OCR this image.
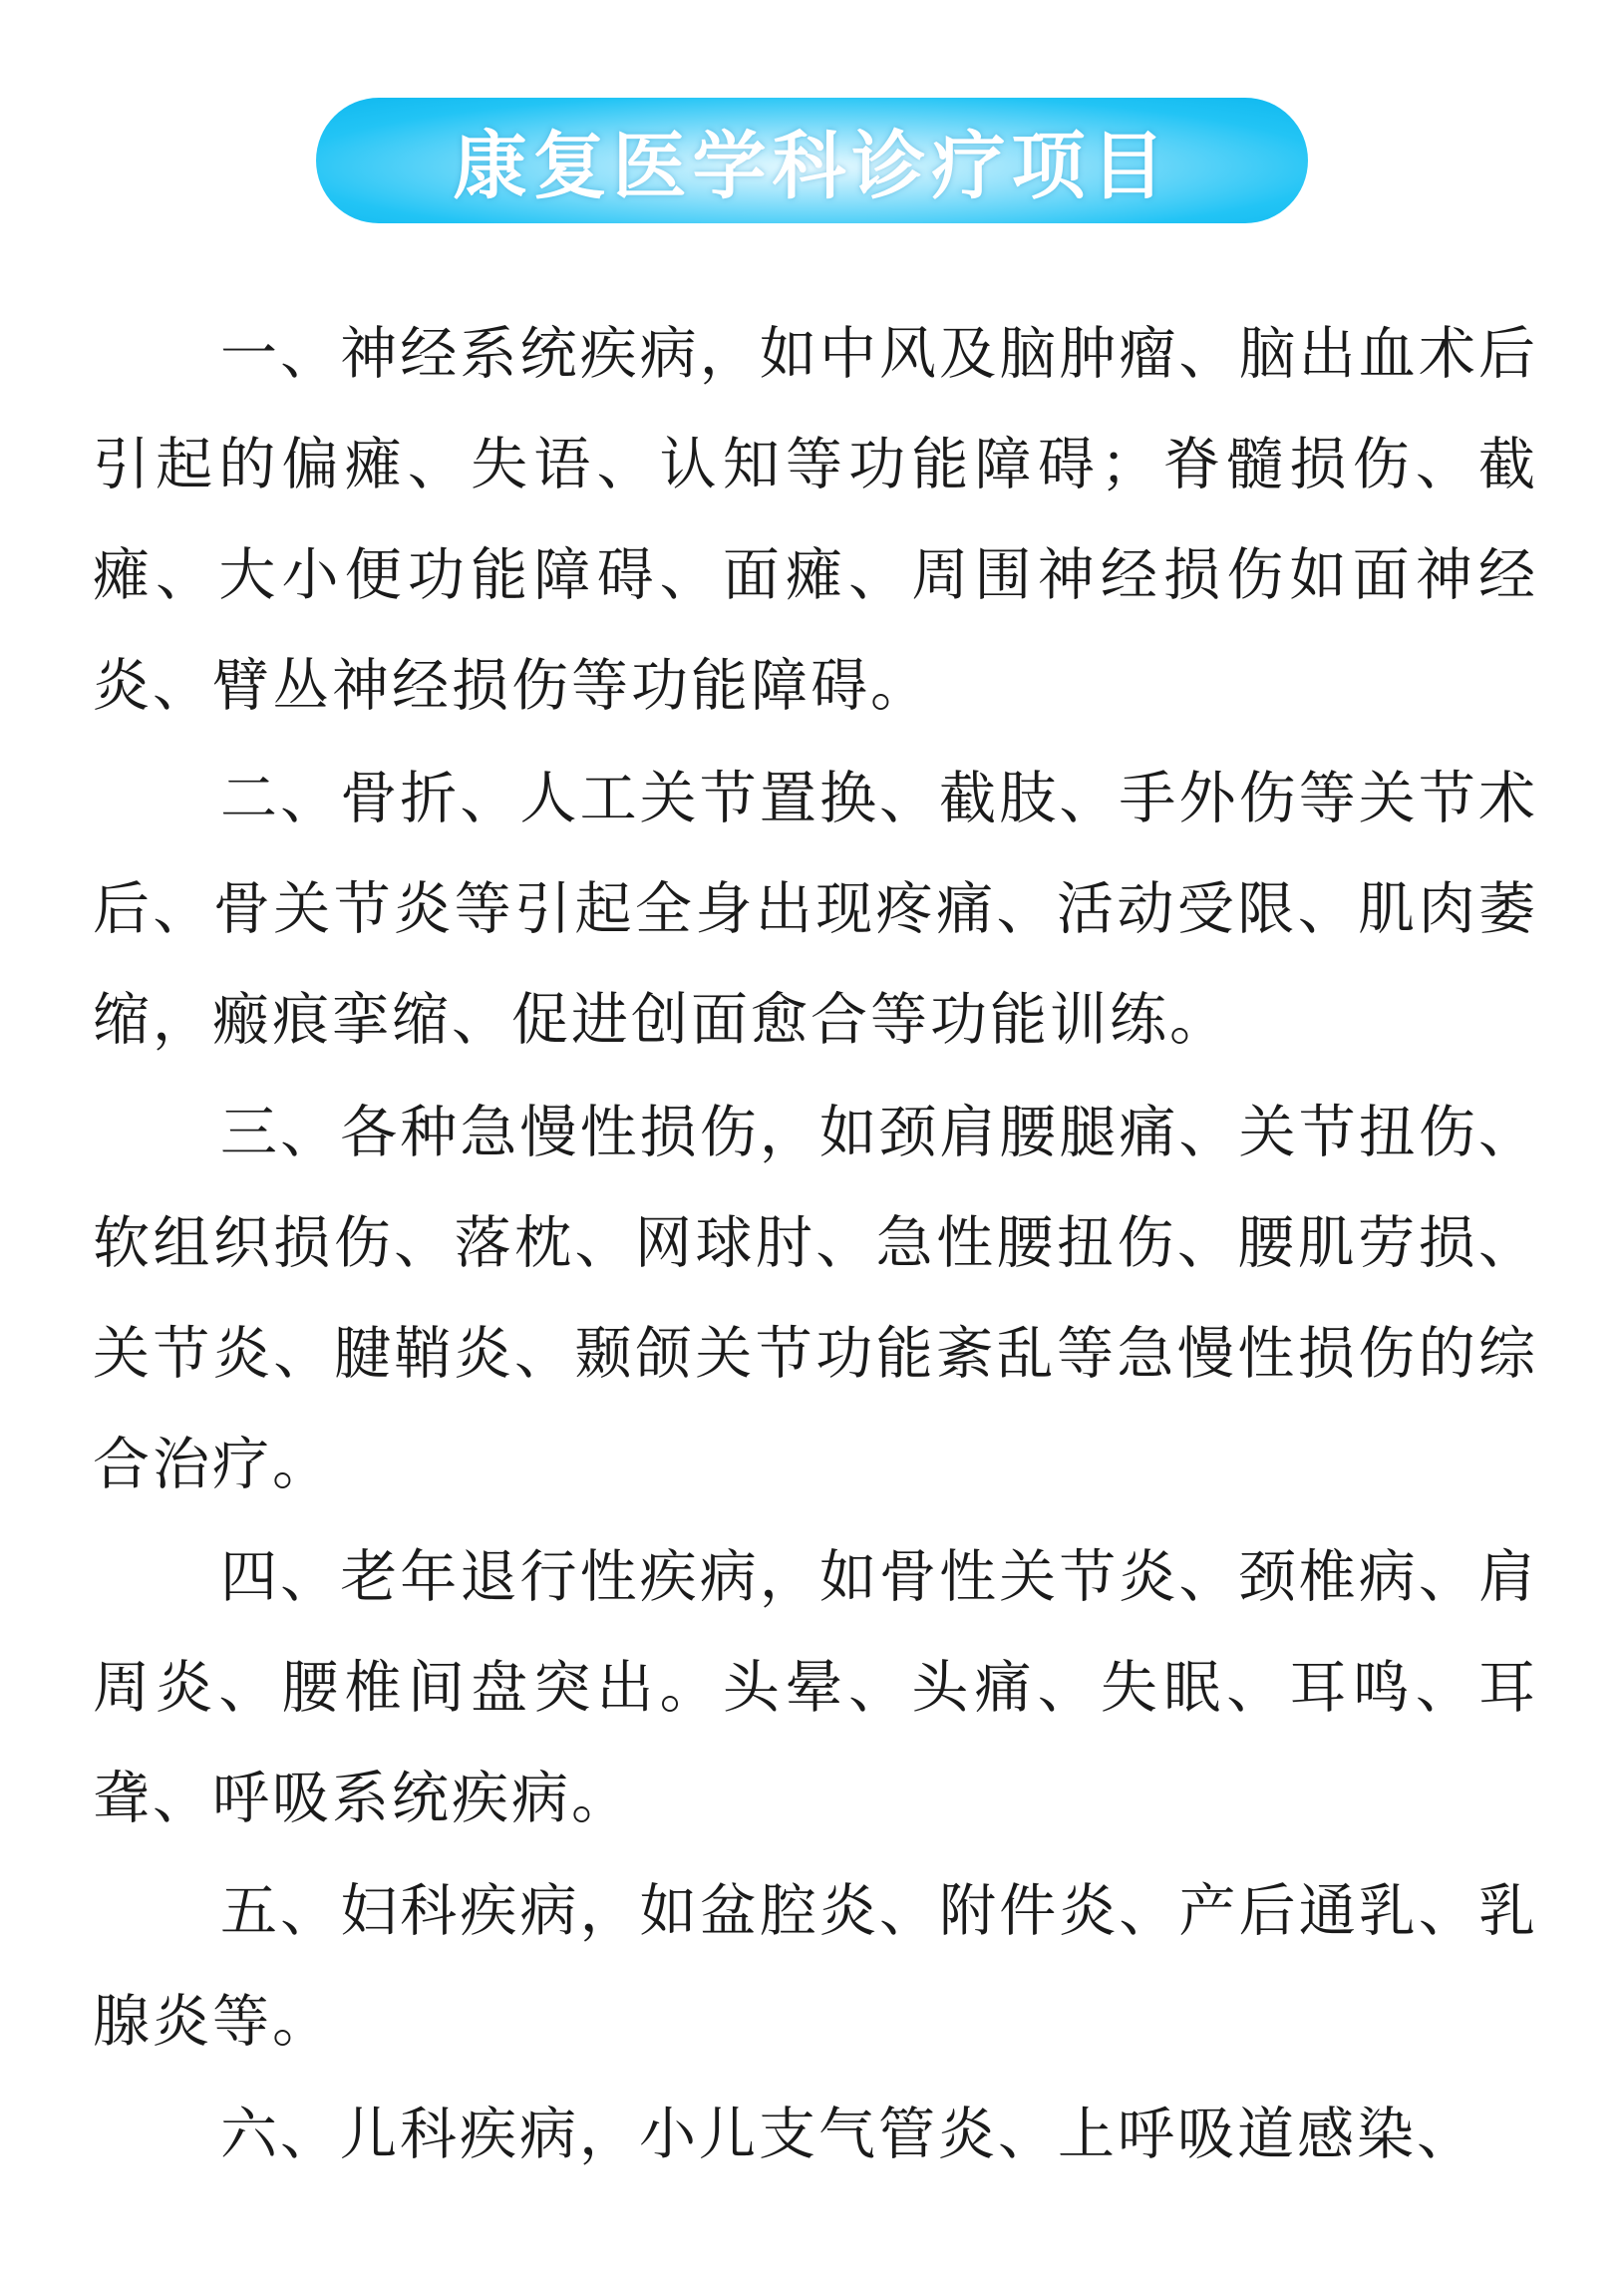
康复医学科诊疗项目

一、神经系统疾病，如中风及脑肿瘤、脑出血术后引起的偏瘫、失语、认知等功能障碍；脊髓损伤、截瘫、大小便功能障碍、面瘫、周围神经损伤如面神经炎、臂丛神经损伤等功能障碍。

二、骨折、人工关节置换、截肢、手外伤等关节术后、骨关节炎等引起全身出现疼痛、活动受限、肌肉萎缩，瘢痕挛缩、促进创面愈合等功能训练。

三、各种急慢性损伤，如颈肩腰腿痛、关节扭伤、软组织损伤、落枕、网球肘、急性腰扭伤、腰肌劳损、关节炎、腱鞘炎、颞颌关节功能紊乱等急慢性损伤的综合治疗。

四、老年退行性疾病，如骨性关节炎、颈椎病、肩周炎、腰椎间盘突出。头晕、头痛、失眠、耳鸣、耳聋、呼吸系统疾病。

五、妇科疾病，如盆腔炎、附件炎、产后通乳、乳腺炎等。

六、儿科疾病，小儿支气管炎、上呼吸道感染、
